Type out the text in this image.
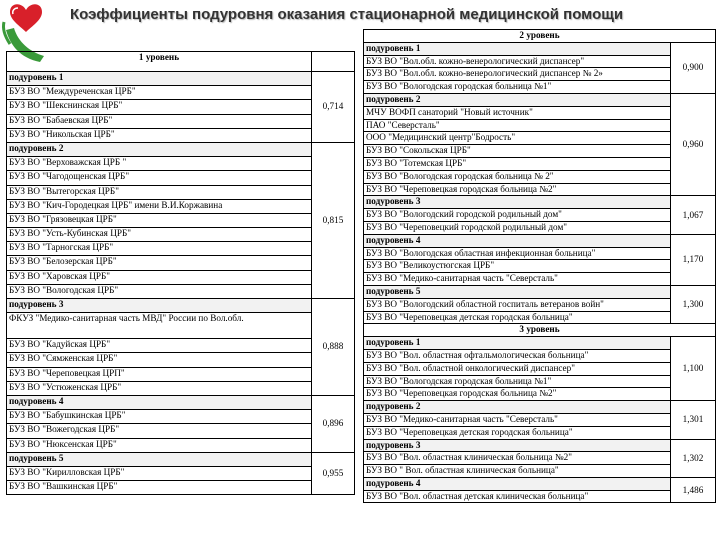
Коэффициенты подуровня оказания стационарной медицинской помощи
1 уровень	
подуровень 1	0,714
БУЗ ВО "Междуреченская ЦРБ"	
БУЗ ВО "Шекснинская ЦРБ"	
БУЗ ВО "Бабаевская ЦРБ"	
БУЗ ВО "Никольская ЦРБ"	
подуровень 2	0,815
БУЗ ВО "Верховажская ЦРБ "	
БУЗ ВО "Чагодощенская ЦРБ"	
БУЗ ВО "Вытегорская ЦРБ"	
БУЗ ВО "Кич-Городецкая ЦРБ" имени В.И.Коржавина	
БУЗ ВО "Грязовецкая ЦРБ"	
БУЗ ВО "Усть-Кубинская ЦРБ"	
БУЗ ВО "Тарногская ЦРБ"	
БУЗ ВО "Белозерская ЦРБ"	
БУЗ ВО "Харовская ЦРБ"	
БУЗ ВО "Вологодская ЦРБ"	
подуровень 3	0,888
ФКУЗ "Медико-санитарная часть МВД" России по Вол.обл.	
БУЗ ВО "Кадуйская ЦРБ"	
БУЗ ВО "Сямженская ЦРБ"	
БУЗ ВО "Череповецкая ЦРП"	
БУЗ ВО "Устюженская ЦРБ"	
подуровень 4	0,896
БУЗ ВО "Бабушкинская ЦРБ"	
БУЗ ВО "Вожегодская ЦРБ"	
БУЗ ВО "Нюксенская ЦРБ"	
подуровень 5	0,955
БУЗ ВО "Кирилловская ЦРБ"	
БУЗ ВО "Вашкинская ЦРБ"	
2 уровень	
подуровень 1	0,900
БУЗ ВО "Вол.обл. кожно-венерологический диспансер"	
БУЗ ВО "Вол.обл. кожно-венерологический диспансер № 2»	
БУЗ ВО "Вологодская городская больница №1"	
подуровень 2	0,960
МЧУ ВОФП санаторий "Новый источник"	
ПАО "Северсталь"	
ООО "Медицинский центр"Бодрость"	
БУЗ ВО "Сокольская ЦРБ"	
БУЗ ВО "Тотемская ЦРБ"	
БУЗ ВО "Вологодская городская больница № 2"	
БУЗ ВО "Череповецкая городская больница №2"	
подуровень 3	1,067
БУЗ ВО "Вологодский городской родильный дом"	
БУЗ ВО "Череповецкий городской родильный дом"	
подуровень 4	1,170
БУЗ ВО "Вологодская областная инфекционная больница"	
БУЗ ВО "Великоустюгская ЦРБ"	
БУЗ ВО "Медико-санитарная часть "Северсталь"	
подуровень 5	1,300
БУЗ ВО "Вологодский областной госпиталь ветеранов войн"	
БУЗ ВО "Череповецкая детская городская больница"	
3 уровень	
подуровень 1	1,100
БУЗ ВО "Вол. областная офтальмологическая больница"	
БУЗ ВО "Вол. областной онкологический диспансер"	
БУЗ ВО "Вологодская городская больница №1"	
БУЗ ВО "Череповецкая городская больница №2"	
подуровень 2	1,301
БУЗ ВО "Медико-санитарная часть "Северсталь"	
БУЗ ВО "Череповецкая детская городская больница"	
подуровень 3	1,302
БУЗ ВО "Вол. областная клиническая больница №2"	
БУЗ ВО " Вол. областная клиническая больница"	
подуровень 4	1,486
БУЗ ВО "Вол. областная детская клиническая больница"	
